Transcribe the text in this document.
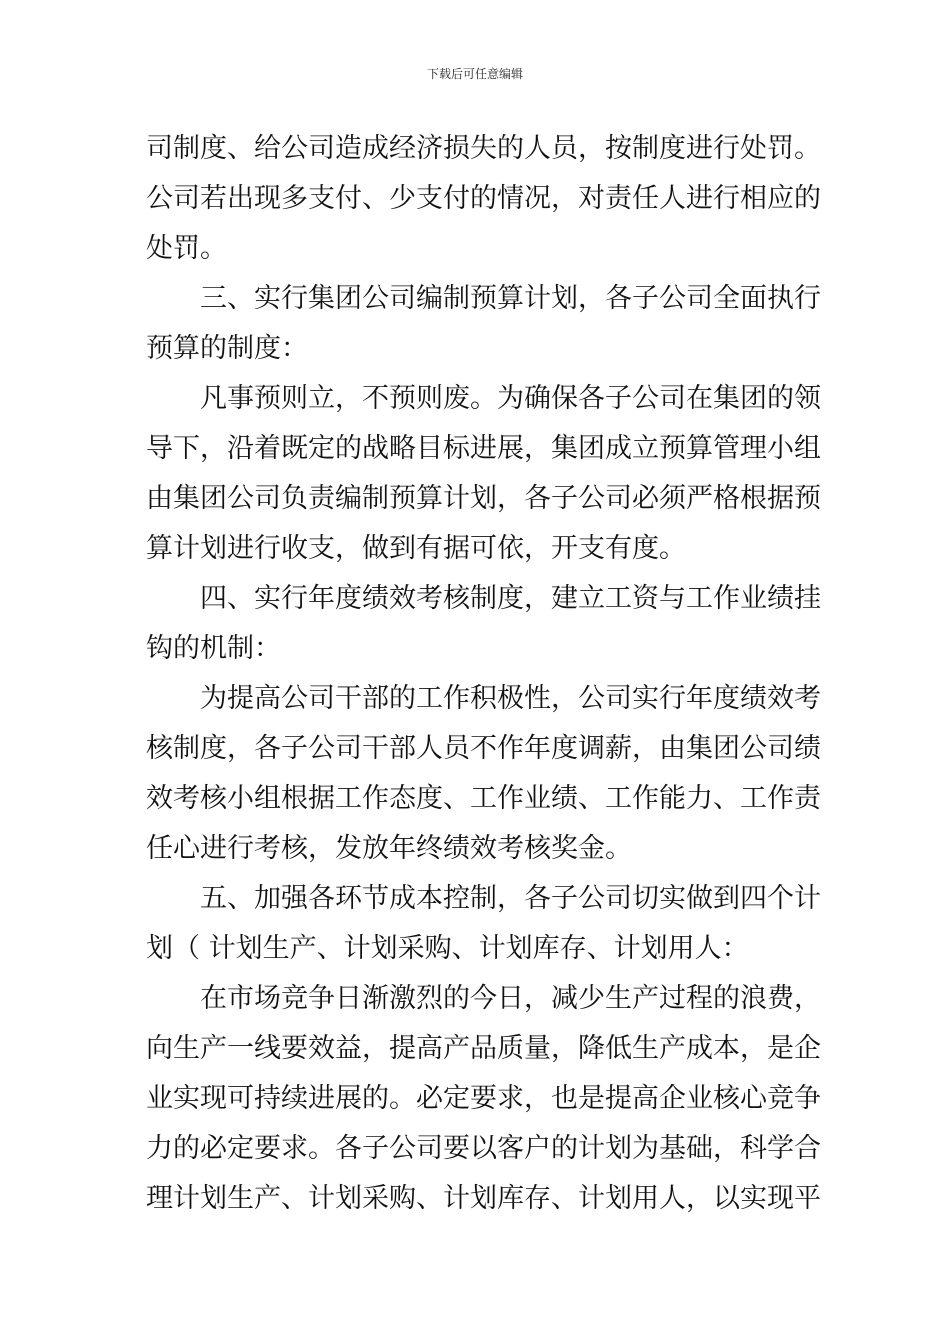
下载后可任意编辑
司制度、给公司造成经济损失的人员，按制度进行处罚。
公司若出现多支付、少支付的情况，对责任人进行相应的
处罚。
三、实行集团公司编制预算计划，各子公司全面执行
预算的制度：
凡事预则立，不预则废。为确保各子公司在集团的领
导下，沿着既定的战略目标进展，集团成立预算管理小组
由集团公司负责编制预算计划，各子公司必须严格根据预
算计划进行收支，做到有据可依，开支有度。
四、实行年度绩效考核制度，建立工资与工作业绩挂
钩的机制：
为提高公司干部的工作积极性，公司实行年度绩效考
核制度，各子公司干部人员不作年度调薪，由集团公司绩
效考核小组根据工作态度、工作业绩、工作能力、工作责
任心进行考核，发放年终绩效考核奖金。
五、加强各环节成本控制，各子公司切实做到四个计
划（ 计划生产、计划采购、计划库存、计划用人：
在市场竞争日渐激烈的今日，减少生产过程的浪费，
向生产一线要效益，提高产品质量，降低生产成本，是企
业实现可持续进展的。必定要求，也是提高企业核心竞争
力的必定要求。各子公司要以客户的计划为基础，科学合
理计划生产、计划采购、计划库存、计划用人，以实现平
